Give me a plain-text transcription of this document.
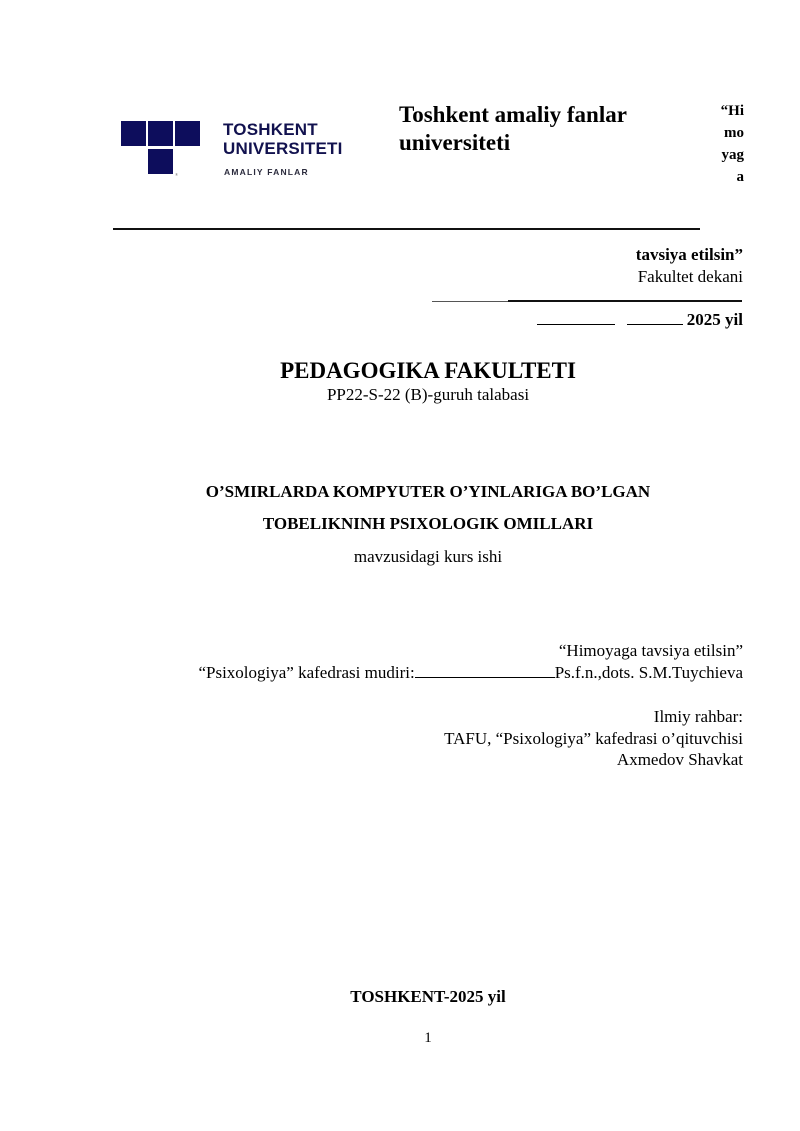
®
TOSHKENT
UNIVERSITETI
AMALIY FANLAR
Toshkent amaliy fanlar
universiteti
“Hi
mo
yag
a
tavsiya etilsin”
Fakultet dekani
2025 yil
PEDAGOGIKA FAKULTETI
PP22-S-22 (B)-guruh talabasi
O’SMIRLARDA KOMPYUTER O’YINLARIGA BO’LGAN
TOBELIKNINH PSIXOLOGIK OMILLARI
mavzusidagi kurs ishi
“Himoyaga tavsiya etilsin”
“Psixologiya” kafedrasi mudiri:	Ps.f.n.,dots. S.M.Tuychieva
Ilmiy rahbar:
TAFU, “Psixologiya” kafedrasi o’qituvchisi
Axmedov Shavkat
TOSHKENT-2025 yil
1
